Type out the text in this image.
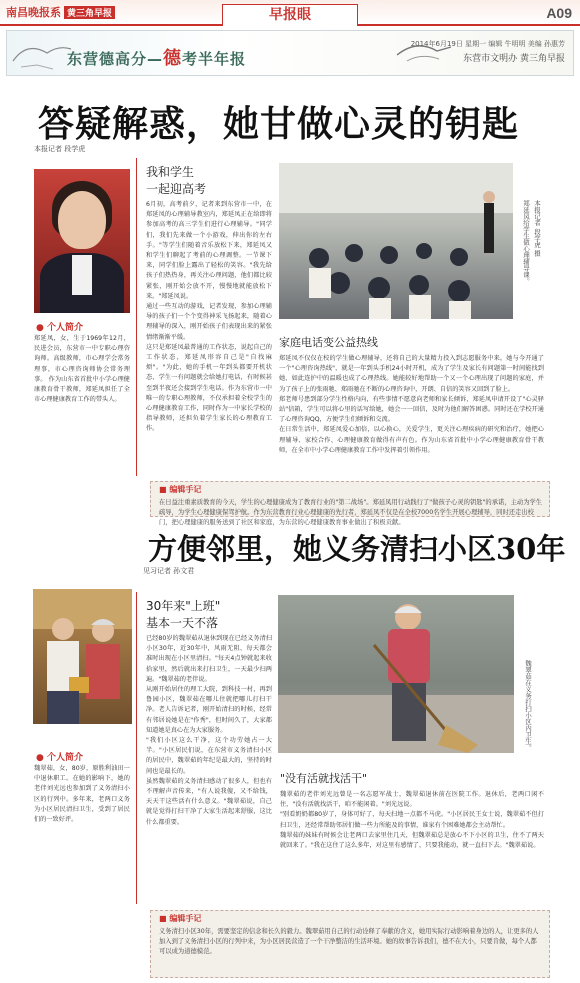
南昌晚报系 黄三角早报	早报眼	A09
东营德高分—德考半年报
2014年6月19日 星期一 编辑 牛明明 美编 孙惠芳
东营市文明办 黄三角早报
答疑解惑，她甘做心灵的钥匙
本报记者 段学虎
● 个人简介
郑延凤，女，生于1969年12月，民进会员，东营市一中专职心理咨询师。高级教师，市心理学会常务理事，市心理咨询师协会常务理事。 作为山东省首批中小学心理健康教育骨干教师，郑延凤担任了全市心理健康教育工作的带头人。
我和学生
一起迎高考
6月初，高考前夕，记者来到东营市一中，在郑延凤的心理辅导教室内，郑延凤正在给即将参加高考的高三学生们进行心理辅导。"同学们，我们先来做一个小游戏，伸出你的左右手。"等学生们随着音乐放松下来，郑延凤又和学生们聊起了考前的心理调整。一节课下来，同学们脸上露出了轻松的笑容。"我先给孩子们热热身，再关注心理问题，他们都比较紧张，刚开始会放不开，慢慢地就能放松下来。"郑延凤说。
通过一些互动的游戏，记者发现，参加心理辅导的孩子们一个个变得神采飞扬起来，随着心理辅导的深入，刚开始孩子们表现出来的紧张情绪渐渐平缓。
这只是郑延凤最普通的工作状态，说起自己的工作状态，郑延凤形容自己是"自找麻烦"。"为此，她的手机一年到头都要开机状态，学生一有问题就会给她打电话，有时候甚至到半夜还会接到学生电话。作为东营市一中唯一的专职心理教师，不仅承担着全校学生的心理健康教育工作，同时作为一中家长学校的指导教师，还担负着学生家长的心理教育工作。
本报记者 段学虎 摄
郑延凤给学生做心理辅导课。
家庭电话变公益热线
郑延凤不仅仅在校的学生做心理辅导，还将自己的大量精力投入到志愿服务中来。她与今开通了一个"心理咨询热线"，就是一年到头手机24小时开机，成为了学生及家长有问题第一时间能找到她、如此连护中的温暖也成了心理热线。她能较好地帮助一个又一个心理出现了问题的家庭，并为了孩子上的张雨驰、郑雨驰在不断的心理咨询中，开朗、自信的笑容又回到了脸上。
郑老师号患到部分学生性格内向，有些事情不愿意向老师和家长倾诉，郑延凤申请开设了"心灵驿站"信箱，学生可以将心里的话写给她，她会一一回信，及时为他们解答困惑。同时还在学校开通了心理咨询QQ，方便学生们倾诉和交流。
在日常生活中，郑延凤爱心加倍，以心换心，关爱学生，更关注心理疾病的研究和治疗，她把心理辅导、家校合作、心理健康教育做得有声有色。作为山东省首批中小学心理健康教育骨干教师，在全市中小学心理健康教育工作中发挥着引领作用。
■ 编辑手记
在日益注重素质教育的今天，学生的心理健康成为了教育行业的"第二战场"。郑延凤用行动践行了"做孩子心灵的钥匙"的承诺，主动为学生疏导，为学生心理健康保驾护航。作为东营教育行业心理健康的先行者，郑延凤不仅是在全校7000名学生开展心理辅导，同时还走出校门，把心理健康的服务送到了社区和家庭，为东营的心理健康教育事业做出了积极贡献。
方便邻里，她义务清扫小区30年
见习记者 孙文君
● 个人简介
魏翠茹，女，80岁，原胜利油田一中退休职工。在她的影响下，她的老伴刘光远也参加到了义务清扫小区的行列中。多年来，老两口义务为小区居民清扫卫生，受到了居民们的一致好评。
30年来"上班"
基本一天不落
已经80岁的魏翠茹从退休到现在已经义务清扫小区30年，近30年中，风雨无阻、每天都会准时出现在小区里清扫。"每天4点钟就起来收拾家里，然后就出来打扫卫生，一天最少扫两遍。"魏翠茹的老伴说。
从刚开始居住的理工大院，到科技一村，再到鲁园小区，魏翠茹在哪儿住就把哪儿打扫干净。老人告诉记者，刚开始清扫的时候，经常有邻居说她是在"作秀"，但时间久了，大家都知道她是真心在为大家服务。
"我们小区这么干净，这个功劳她占一大半。"小区居民们说，在东营市义务清扫小区的居民中，魏翠茹的年纪是最大的，坚持的时间也是最长的。
虽然魏翠茹的义务清扫感动了很多人，但也有不理解声音传来，"有人说我傻，又不给钱，天天干这些活有什么意义。"魏翠茹说，自己就是觉得打扫干净了大家生活起来舒服，这比什么都重要。
魏翠茹在义务打扫小区内卫生。
"没有活就找活干"
魏翠茹的老伴刘光远曾是一名志愿军战士，魏翠茹退休前在医院工作。退休后，老两口闲不住，"没有活就找活干，咱不能闲着。"刘光远说。
"别看奶奶都80岁了，身体可好了，每天扫地一点都不马虎。"小区居民王女士说，魏翠茹不但打扫卫生，还经常帮助邻居们做一些力所能及的事情，谁家有个困难她都会主动帮忙。
魏翠茹的妹妹有时候会让老两口去家里住几天，但魏翠茹总是放心不下小区的卫生，住不了两天就回来了。"我在这住了这么多年，对这里有感情了，只要我能动，就一直扫下去。"魏翠茹说。
■ 编辑手记
义务清扫小区30年，需要坚定的信念和长久的毅力。魏翠茹用自己的行动诠释了奉献的含义，她用实际行动影响着身边的人，让更多的人加入到了义务清扫小区的行列中来，为小区居民营造了一个干净整洁的生活环境。她的故事告诉我们，德不在大小，只要肯做，每个人都可以成为道德模范。
